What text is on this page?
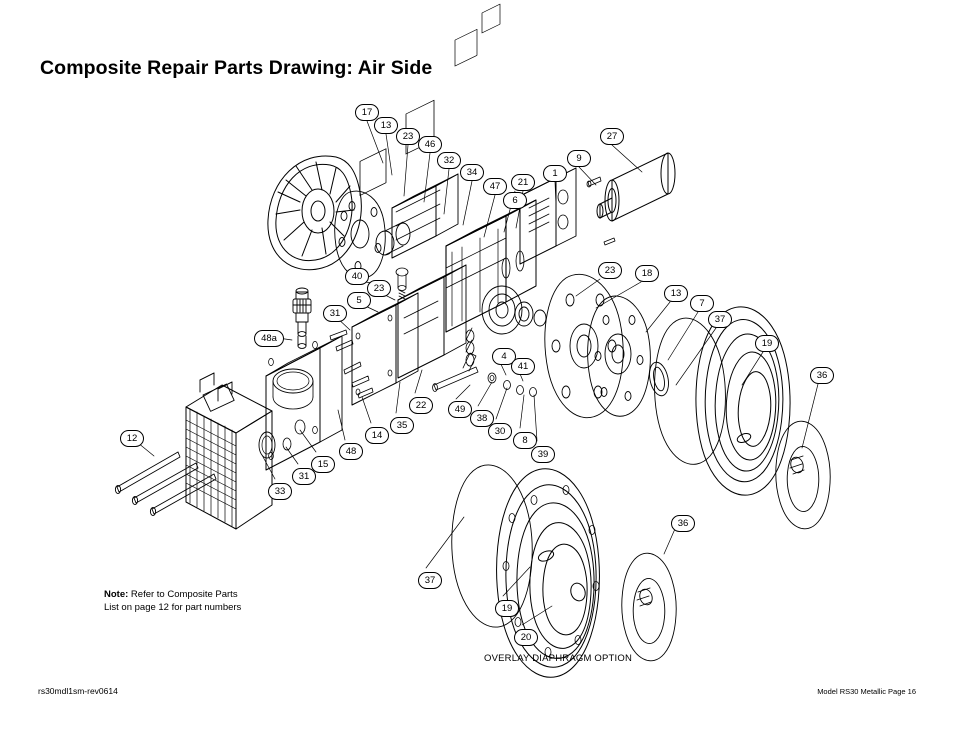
Composite Repair Parts Drawing: Air Side
Note: Refer to Composite Parts
List on page 12 for part numbers
OVERLAY DIAPHRAGM OPTION
rs30mdl1sm-rev0614	Model RS30 Metallic Page 16
17
13
23
46
32
34
47	21
6
1
9
27
23	18
13
7
37
19
36
40
5
23
31
48a
4
41
49
38
30
8
39
22
35
14
48
15
31
33
12
37
19
20
36
